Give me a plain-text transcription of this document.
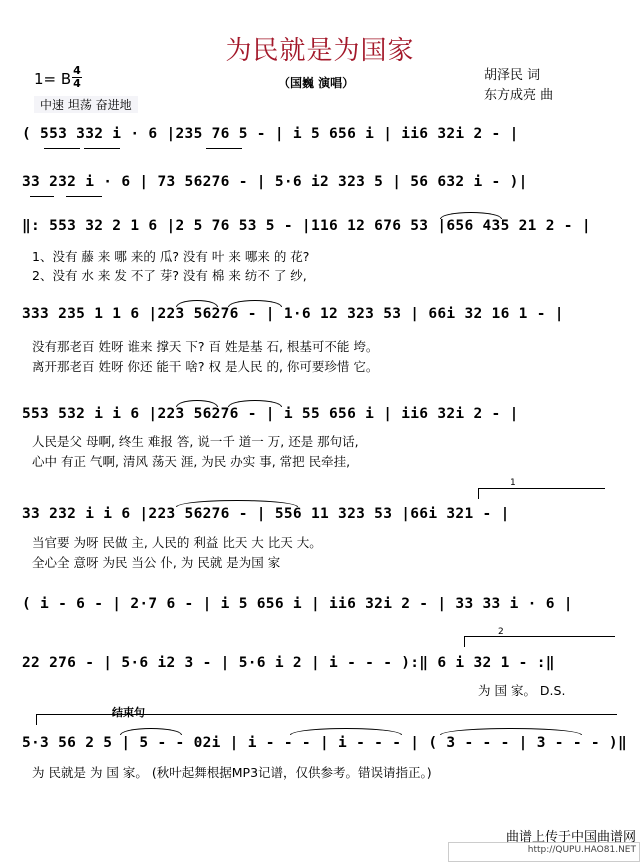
为民就是为国家
（国巍 演唱）
1= B 4
4
中速 坦荡 奋进地
胡泽民 词
东方成亮 曲
( 553 332 i · 6 |235 76 5 - | i 5 656 i | ii6 32i 2 - |
33 232 i · 6 | 73 56276 - | 5·6 i2 323 5 | 56 632 i - )|
‖: 553 32 2 1 6 |2 5 76 53 5 - |116 12 676 53 |656 435 21 2 - |
1、没有 藤 来 哪 来的 瓜? 没有 叶 来 哪来 的 花?
2、没有 水 来 发 不了 芽? 没有 棉 来 纺不 了 纱,
333 235 1 1 6 |223 56276 - | 1·6 12 323 53 | 66i 32 16 1 - |
没有那老百 姓呀 谁来 撑天 下? 百 姓是基 石, 根基可不能 垮。
离开那老百 姓呀 你还 能干 啥? 权 是人民 的, 你可要珍惜 它。
553 532 i i 6 |223 56276 - | i 55 656 i | ii6 32i 2 - |
人民是父 母啊, 终生 难报 答, 说一千 道一 万, 还是 那句话,
心中 有正 气啊, 清风 荡天 涯, 为民 办实 事, 常把 民牵挂,
1
33 232 i i 6 |223 56276 - | 556 11 323 53 |66i 321 - |
当官要 为呀 民做 主, 人民的 利益 比天 大 比天 大。
全心全 意呀 为民 当公 仆, 为 民就 是为国 家
( i - 6 - | 2·7 6 - | i 5 656 i | ii6 32i 2 - | 33 33 i · 6 |
2
22 276 - | 5·6 i2 3 - | 5·6 i 2 | i - - - ):‖ 6 i 32 1 - :‖
为 国 家。 D.S.
结束句
5·3 56 2 5 | 5 - - 02i | i - - - | i - - - | ( 3 - - - | 3 - - - )‖
为 民就是 为 国 家。 (秋叶起舞根据MP3记谱，仅供参考。错误请指正。)
曲谱上传于中国曲谱网
http://QUPU.HAO81.NET
